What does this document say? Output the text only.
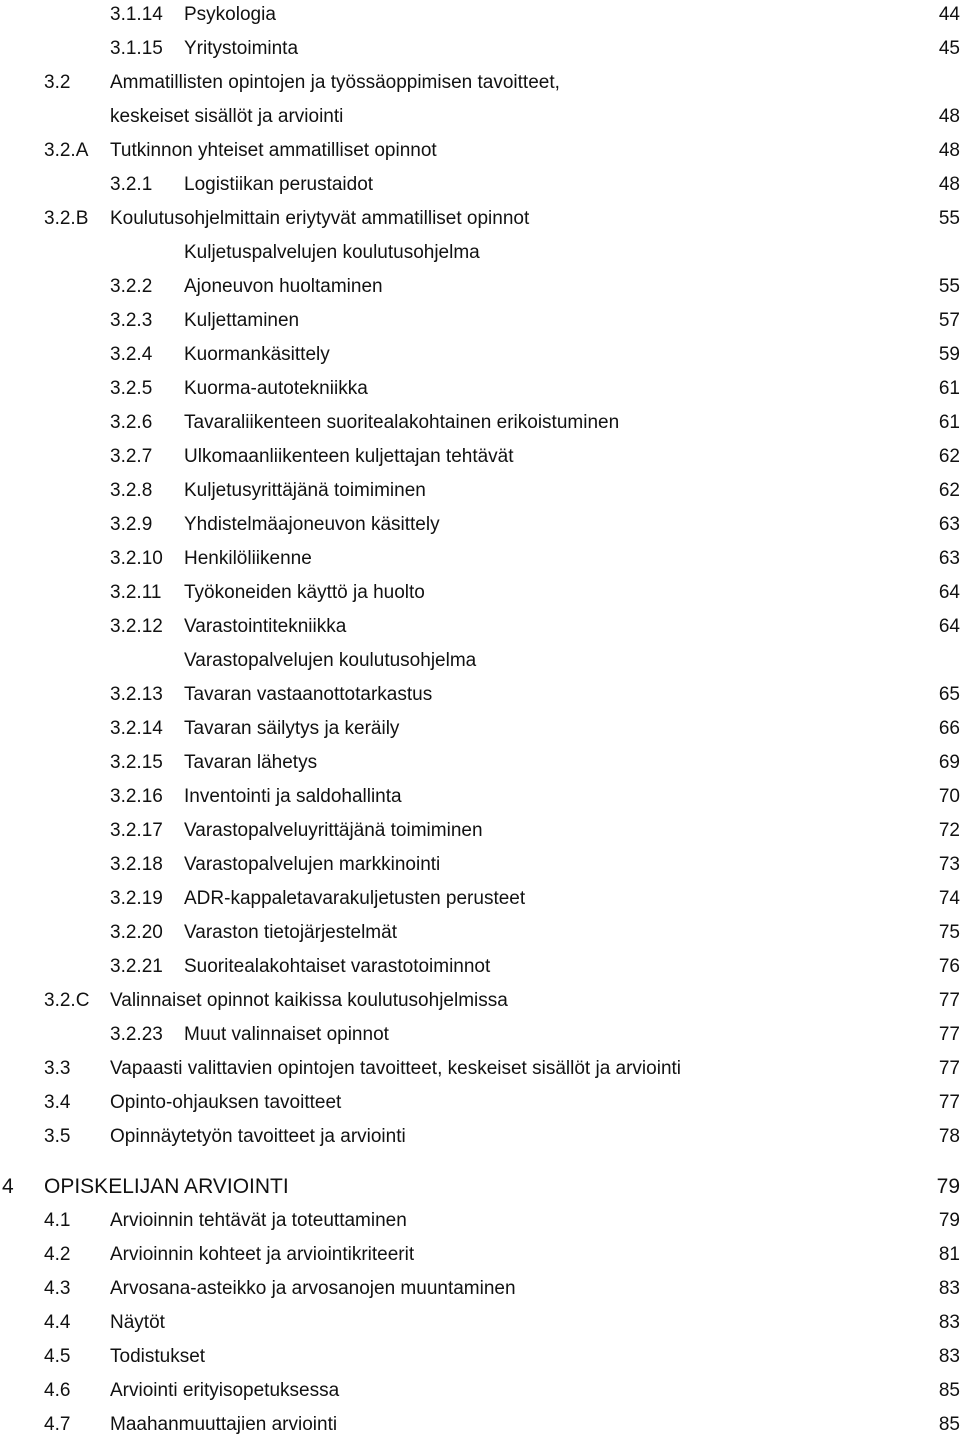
3.1.14 Psykologia	44
3.1.15 Yritystoiminta	45
3.2 Ammatillisten opintojen ja työssäoppimisen tavoitteet,
keskeiset sisällöt ja arviointi	48
3.2.A Tutkinnon yhteiset ammatilliset opinnot	48
3.2.1 Logistiikan perustaidot	48
3.2.B Koulutusohjelmittain eriytyvät ammatilliset opinnot	55
Kuljetuspalvelujen koulutusohjelma
3.2.2 Ajoneuvon huoltaminen	55
3.2.3 Kuljettaminen	57
3.2.4 Kuormankäsittely	59
3.2.5 Kuorma-autotekniikka	61
3.2.6 Tavaraliikenteen suoritealakohtainen erikoistuminen	61
3.2.7 Ulkomaanliikenteen kuljettajan tehtävät	62
3.2.8 Kuljetusyrittäjänä toimiminen	62
3.2.9 Yhdistelmäajoneuvon käsittely	63
3.2.10 Henkilöliikenne	63
3.2.11 Työkoneiden käyttö ja huolto	64
3.2.12 Varastointitekniikka	64
Varastopalvelujen koulutusohjelma
3.2.13 Tavaran vastaanottotarkastus	65
3.2.14 Tavaran säilytys ja keräily	66
3.2.15 Tavaran lähetys	69
3.2.16 Inventointi ja saldohallinta	70
3.2.17 Varastopalveluyrittäjänä toimiminen	72
3.2.18 Varastopalvelujen markkinointi	73
3.2.19 ADR-kappaletavarakuljetusten perusteet	74
3.2.20 Varaston tietojärjestelmät	75
3.2.21 Suoritealakohtaiset varastotoiminnot	76
3.2.C Valinnaiset opinnot kaikissa koulutusohjelmissa	77
3.2.23 Muut valinnaiset opinnot	77
3.3 Vapaasti valittavien opintojen tavoitteet, keskeiset sisällöt ja arviointi	77
3.4 Opinto-ohjauksen tavoitteet	77
3.5 Opinnäytetyön tavoitteet ja arviointi	78
4 OPISKELIJAN ARVIOINTI	79
4.1 Arvioinnin tehtävät ja toteuttaminen	79
4.2 Arvioinnin kohteet ja arviointikriteerit	81
4.3 Arvosana-asteikko ja arvosanojen muuntaminen	83
4.4 Näytöt	83
4.5 Todistukset	83
4.6 Arviointi erityisopetuksessa	85
4.7 Maahanmuuttajien arviointi	85
